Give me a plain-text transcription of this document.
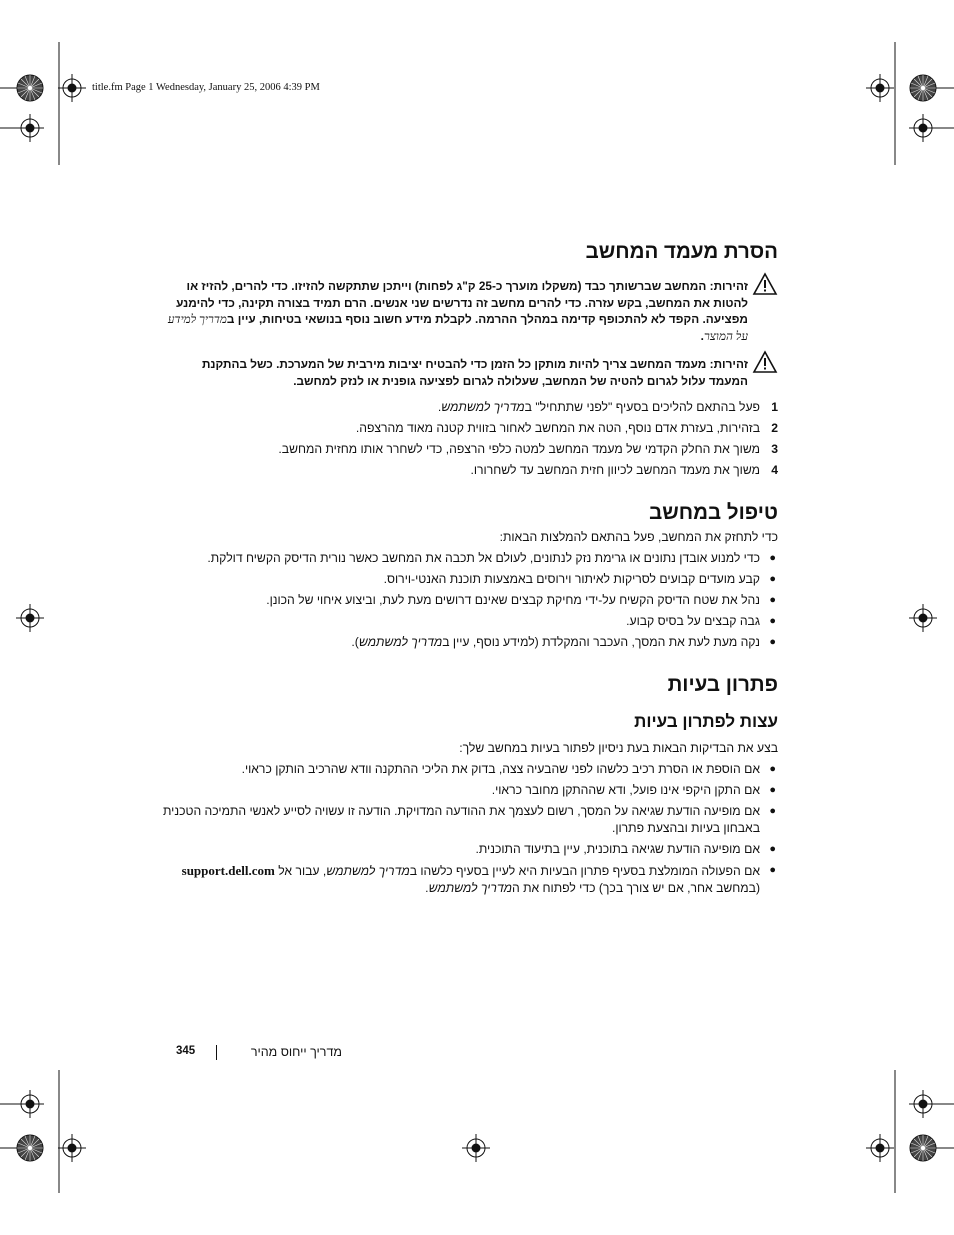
title.fm Page 1 Wednesday, January 25, 2006 4:39 PM
הסרת מעמד המחשב
זהירות: המחשב שברשותך כבד (משקלו מוערך כ-25 ק"ג לפחות) וייתכן שתתקשה להזיזו. כדי להרים, להזיז או להטות את המחשב, בקש עזרה. כדי להרים מחשב זה נדרשים שני אנשים. הרם תמיד בצורה תקינה, כדי להימנע מפציעה. הקפד לא להתכופף קדימה במהלך ההרמה. לקבלת מידע חשוב נוסף בנושאי בטיחות, עיין במדריך למידע על המוצר.
זהירות: מעמד המחשב צריך להיות מותקן כל הזמן כדי להבטיח יציבות מירבית של המערכת. כשל בהתקנת המעמד עלול לגרום להטיה של המחשב, שעלולה לגרום לפציעה גופנית או לנזק למחשב.
1
פעל בהתאם להליכים בסעיף "לפני שתתחיל" במדריך למשתמש.
2
בזהירות, בעזרת אדם נוסף, הטה את המחשב לאחור בזווית קטנה מאוד מהרצפה.
3
משוך את החלק הקדמי של מעמד המחשב למטה כלפי הרצפה, כדי לשחרר אותו מחזית המחשב.
4
משוך את מעמד המחשב לכיוון חזית המחשב עד לשחרורו.
טיפול במחשב

כדי לתחזק את המחשב, פעל בהתאם להמלצות הבאות:

●
כדי למנוע אובדן נתונים או גרימת נזק לנתונים, לעולם אל תכבה את המחשב כאשר נורית הדיסק הקשיח דולקת.
●
קבע מועדים קבועים לסריקות לאיתור וירוסים באמצעות תוכנת האנטי-וירוס.
●
נהל את שטח הדיסק הקשיח על-ידי מחיקת קבצים שאינם דרושים מעת לעת, וביצוע איחוי של הכונן.
●
גבה קבצים על בסיס קבוע.
●
נקה מעת לעת את המסך, העכבר והמקלדת (למידע נוסף, עיין במדריך למשתמש).
פתרון בעיות
עצות לפתרון בעיות

בצע את הבדיקות הבאות בעת ניסיון לפתור בעיות במחשב שלך:

●
אם הוספת או הסרת רכיב כלשהו לפני שהבעיה צצה, בדוק את הליכי ההתקנה וודא שהרכיב הותקן כראוי.
●
אם התקן היקפי אינו פועל, ודא שההתקן מחובר כראוי.
●
אם מופיעה הודעת שגיאה על המסך, רשום לעצמך את ההודעה המדויקת. הודעה זו עשויה לסייע לאנשי התמיכה הטכנית באבחון בעיות ובהצעת פתרון.
●
אם מופיעה הודעת שגיאה בתוכנית, עיין בתיעוד התוכנית.
●
אם הפעולה המומלצת בסעיף פתרון הבעיות היא לעיין בסעיף כלשהו במדריך למשתמש, עבור אל support.dell.com (במחשב אחר, אם יש צורך בכך) כדי לפתוח את המדריך למשתמש.
345	מדריך ייחוס מהיר
